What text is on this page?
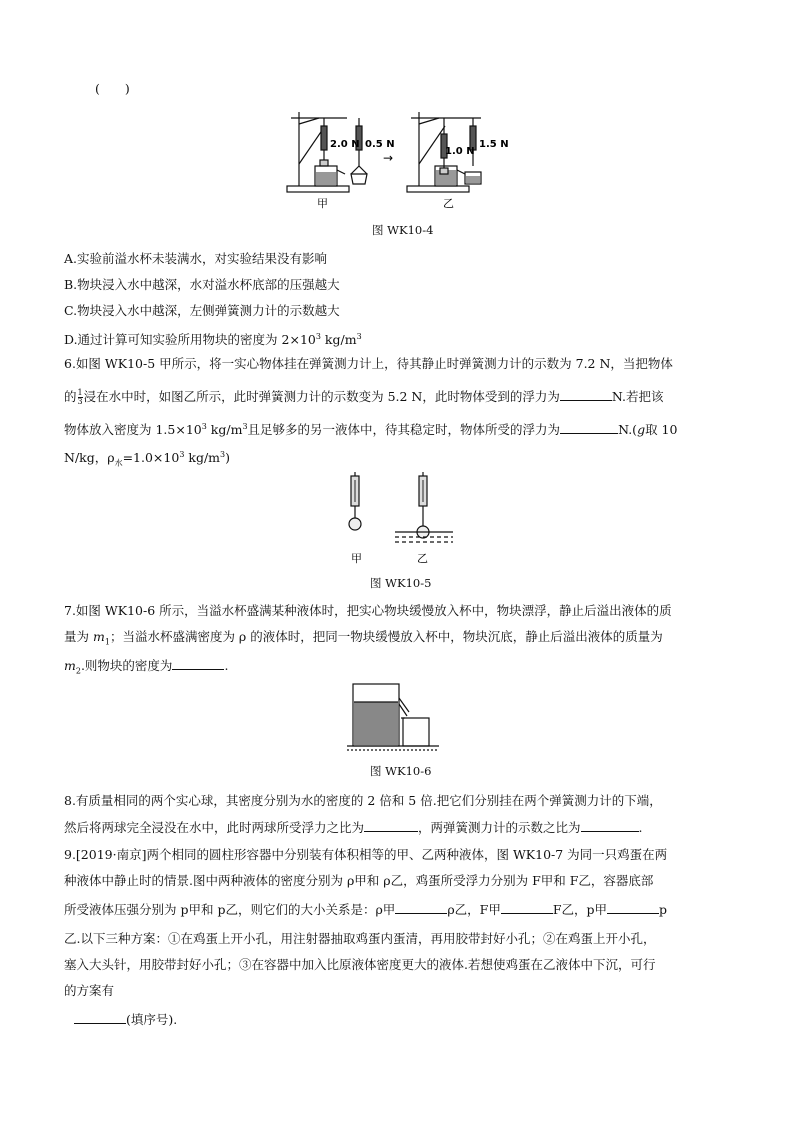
(　　)
2.0 N 0.5 N
甲
→	1.0 N
1.5 N
乙
图 WK10-4
A.实验前溢水杯未装满水，对实验结果没有影响
B.物块浸入水中越深，水对溢水杯底部的压强越大
C.物块浸入水中越深，左侧弹簧测力计的示数越大
D.通过计算可知实验所用物块的密度为 $2\times 10^3$ $kg/m^3$
6.如图 WK10-5 甲所示，将一实心物体挂在弹簧测力计上，待其静止时弹簧测力计的示数为 7.2 N，当把物体
的 $\frac{1}{3}$ 浸在水中时，如图乙所示，此时弹簧测力计的示数变为 5.2 N，此时物体受到的浮力为	N.若把该
物体放入密度为 $1.5\times 10^3$ $kg/m^3$且足够多的另一液体中，待其稳定时，物体所受的浮力为	N.(g取 10
N/kg，$\rho_水=1.0\times 10^3$ $kg/m^3$)
甲	乙
图 WK10-5
7.如图 WK10-6 所示，当溢水杯盛满某种液体时，把实心物块缓慢放入杯中，物块漂浮，静止后溢出液体的质
量为 $m_1$；当溢水杯盛满密度为 ρ 的液体时，把同一物块缓慢放入杯中，物块沉底，静止后溢出液体的质量为
$m_2$.则物块的密度为	.
图 WK10-6
8.有质量相同的两个实心球，其密度分别为水的密度的 2 倍和 5 倍.把它们分别挂在两个弹簧测力计的下端，
然后将两球完全浸没在水中，此时两球所受浮力之比为	，两弹簧测力计的示数之比为	.
9.[2019·南京]两个相同的圆柱形容器中分别装有体积相等的甲、乙两种液体，图 WK10-7 为同一只鸡蛋在两
种液体中静止时的情景.图中两种液体的密度分别为 ρ甲和 ρ乙，鸡蛋所受浮力分别为 F甲和 F乙，容器底部
所受液体压强分别为 p甲和 p乙，则它们的大小关系是：ρ甲	ρ乙，F甲	F乙，p甲	p
乙.以下三种方案：①在鸡蛋上开小孔，用注射器抽取鸡蛋内蛋清，再用胶带封好小孔；②在鸡蛋上开小孔，
塞入大头针，用胶带封好小孔；③在容器中加入比原液体密度更大的液体.若想使鸡蛋在乙液体中下沉，可行
的方案有
(填序号).
